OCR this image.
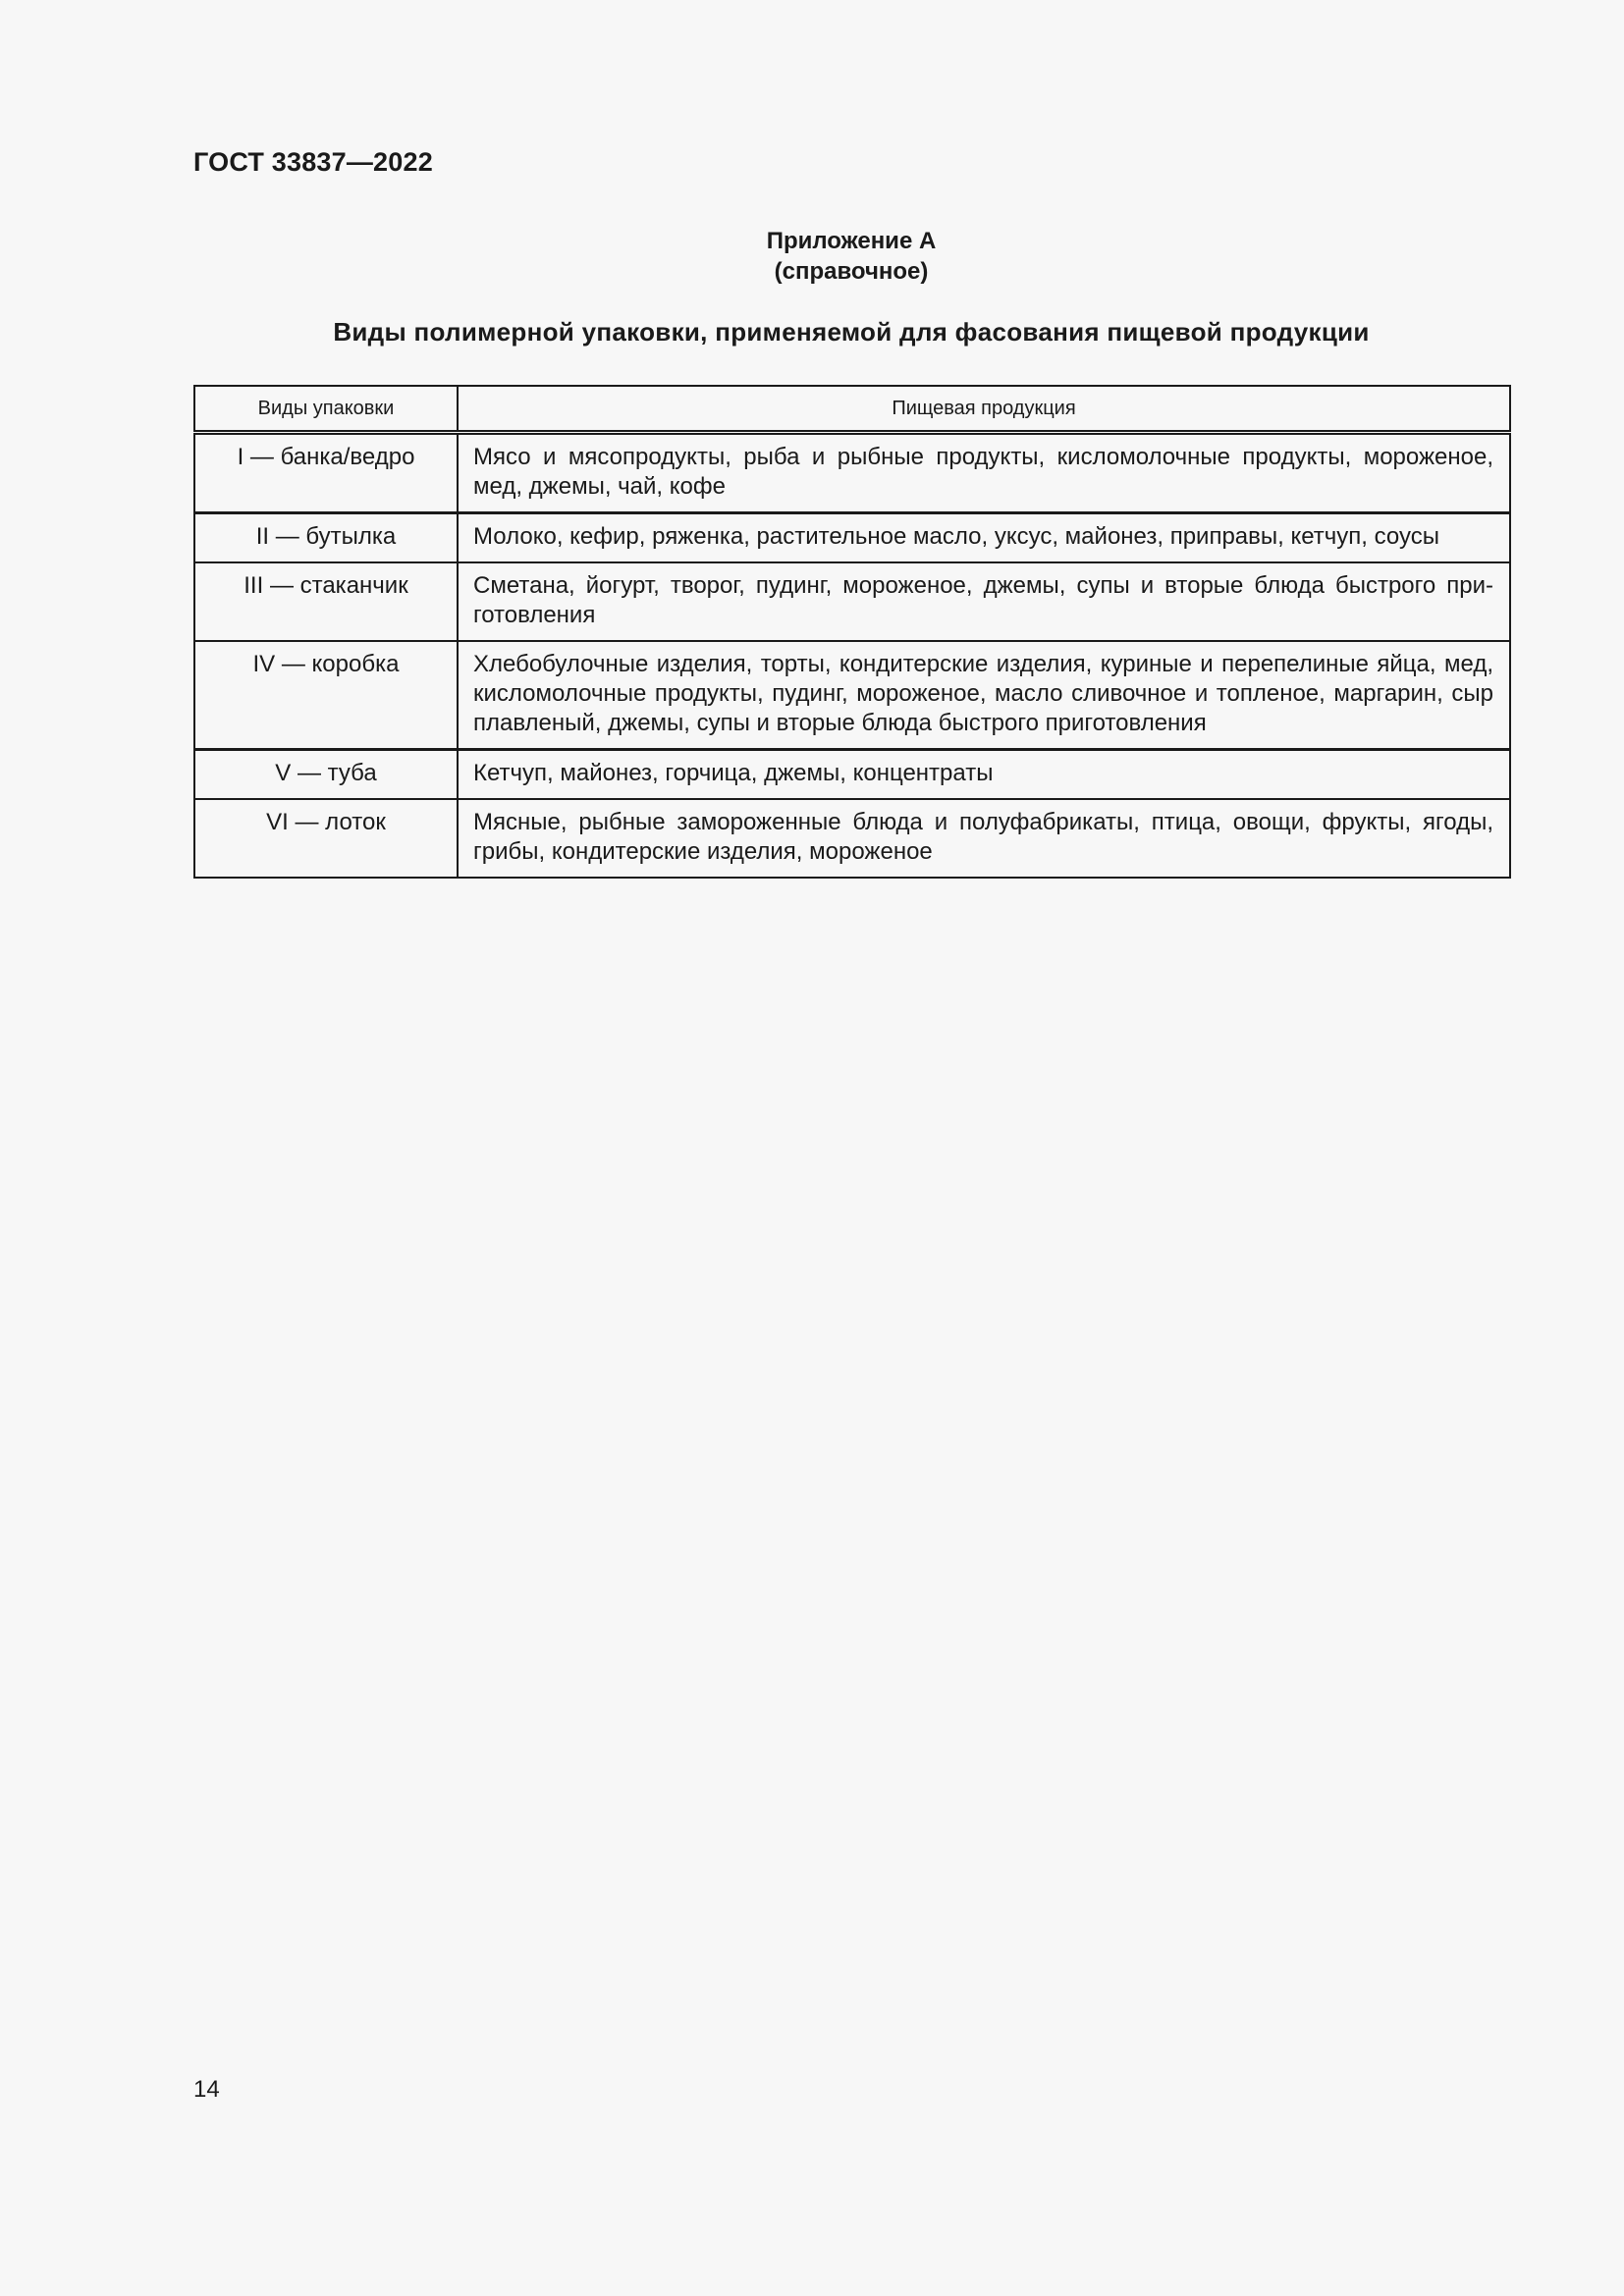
ГОСТ 33837—2022
Приложение А
(справочное)
Виды полимерной упаковки, применяемой для фасования пищевой продукции
Виды упаковки	Пищевая продукция
I — банка/ведро	Мясо и мясопродукты, рыба и рыбные продукты, кисломолочные продукты, мороженое, мед, джемы, чай, кофе
II — бутылка	Молоко, кефир, ряженка, растительное масло, уксус, майонез, приправы, кетчуп, соусы
III — стаканчик	Сметана, йогурт, творог, пудинг, мороженое, джемы, супы и вторые блюда быстрого приготовления
IV — коробка	Хлебобулочные изделия, торты, кондитерские изделия, куриные и перепелиные яйца, мед, кисломолочные продукты, пудинг, мороженое, масло сливочное и топленое, маргарин, сыр плавленый, джемы, супы и вторые блюда быстрого приготовления
V — туба	Кетчуп, майонез, горчица, джемы, концентраты
VI — лоток	Мясные, рыбные замороженные блюда и полуфабрикаты, птица, овощи, фрукты, ягоды, грибы, кондитерские изделия, мороженое
14
